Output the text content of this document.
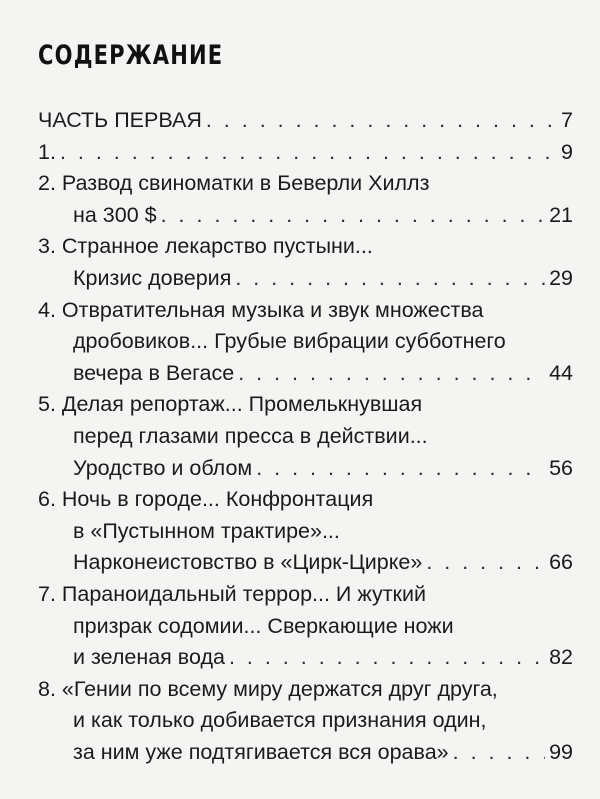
СОДЕРЖАНИЕ
ЧАСТЬ ПЕРВАЯ . . .	7
1. . . .	9
2. Развод свиноматки в Беверли Хиллз
на 300 $ . . .	21
3. Странное лекарство пустыни...
Кризис доверия . . .	29
4. Отвратительная музыка и звук множества
дробовиков... Грубые вибрации субботнего
вечера в Вегасе . . .	44
5. Делая репортаж... Промелькнувшая
перед глазами пресса в действии...
Уродство и облом . . .	56
6. Ночь в городе... Конфронтация
в «Пустынном трактире»...
Нарконеистовство в «Цирк-Цирке» . . .	66
7. Параноидальный террор... И жуткий
призрак содомии... Сверкающие ножи
и зеленая вода . . .	82
8. «Гении по всему миру держатся друг друга,
и как только добивается признания один,
за ним уже подтягивается вся орава» . . .	99
